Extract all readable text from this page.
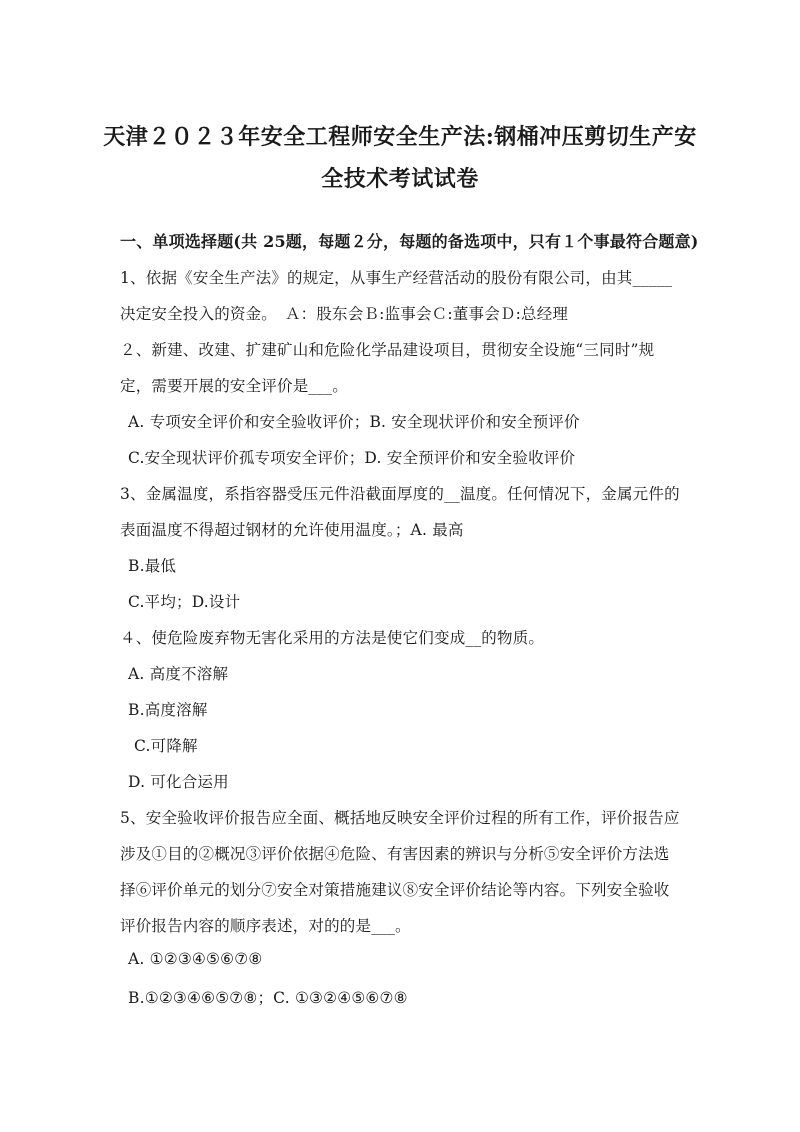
天津２０２３年安全工程师安全生产法:钢桶冲压剪切生产安
全技术考试试卷
一、单项选择题(共 25题，每题２分，每题的备选项中，只有１个事最符合题意)
1、依据《安全生产法》的规定，从事生产经营活动的股份有限公司，由其_____
决定安全投入的资金。　Ａ：股东会Ｂ:监事会Ｃ:董事会Ｄ:总经理
２、新建、改建、扩建矿山和危险化学品建设项目，贯彻安全设施“三同时”规
定，需要开展的安全评价是___。
A. 专项安全评价和安全验收评价；B. 安全现状评价和安全预评价
C.安全现状评价孤专项安全评价；D. 安全预评价和安全验收评价
3、金属温度，系指容器受压元件沿截面厚度的__温度。任何情况下，金属元件的
表面温度不得超过钢材的允许使用温度。；A. 最高
B.最低
C.平均；D.设计
４、使危险废弃物无害化采用的方法是使它们变成__的物质。
A. 高度不溶解
B.高度溶解
C.可降解
D. 可化合运用
5、安全验收评价报告应全面、概括地反映安全评价过程的所有工作，评价报告应
涉及①目的②概况③评价依据④危险、有害因素的辨识与分析⑤安全评价方法选
择⑥评价单元的划分⑦安全对策措施建议⑧安全评价结论等内容。下列安全验收
评价报告内容的顺序表述，对的的是___。
A. ①②③④⑤⑥⑦⑧
B.①②③④⑥⑤⑦⑧；C. ①③②④⑤⑥⑦⑧
